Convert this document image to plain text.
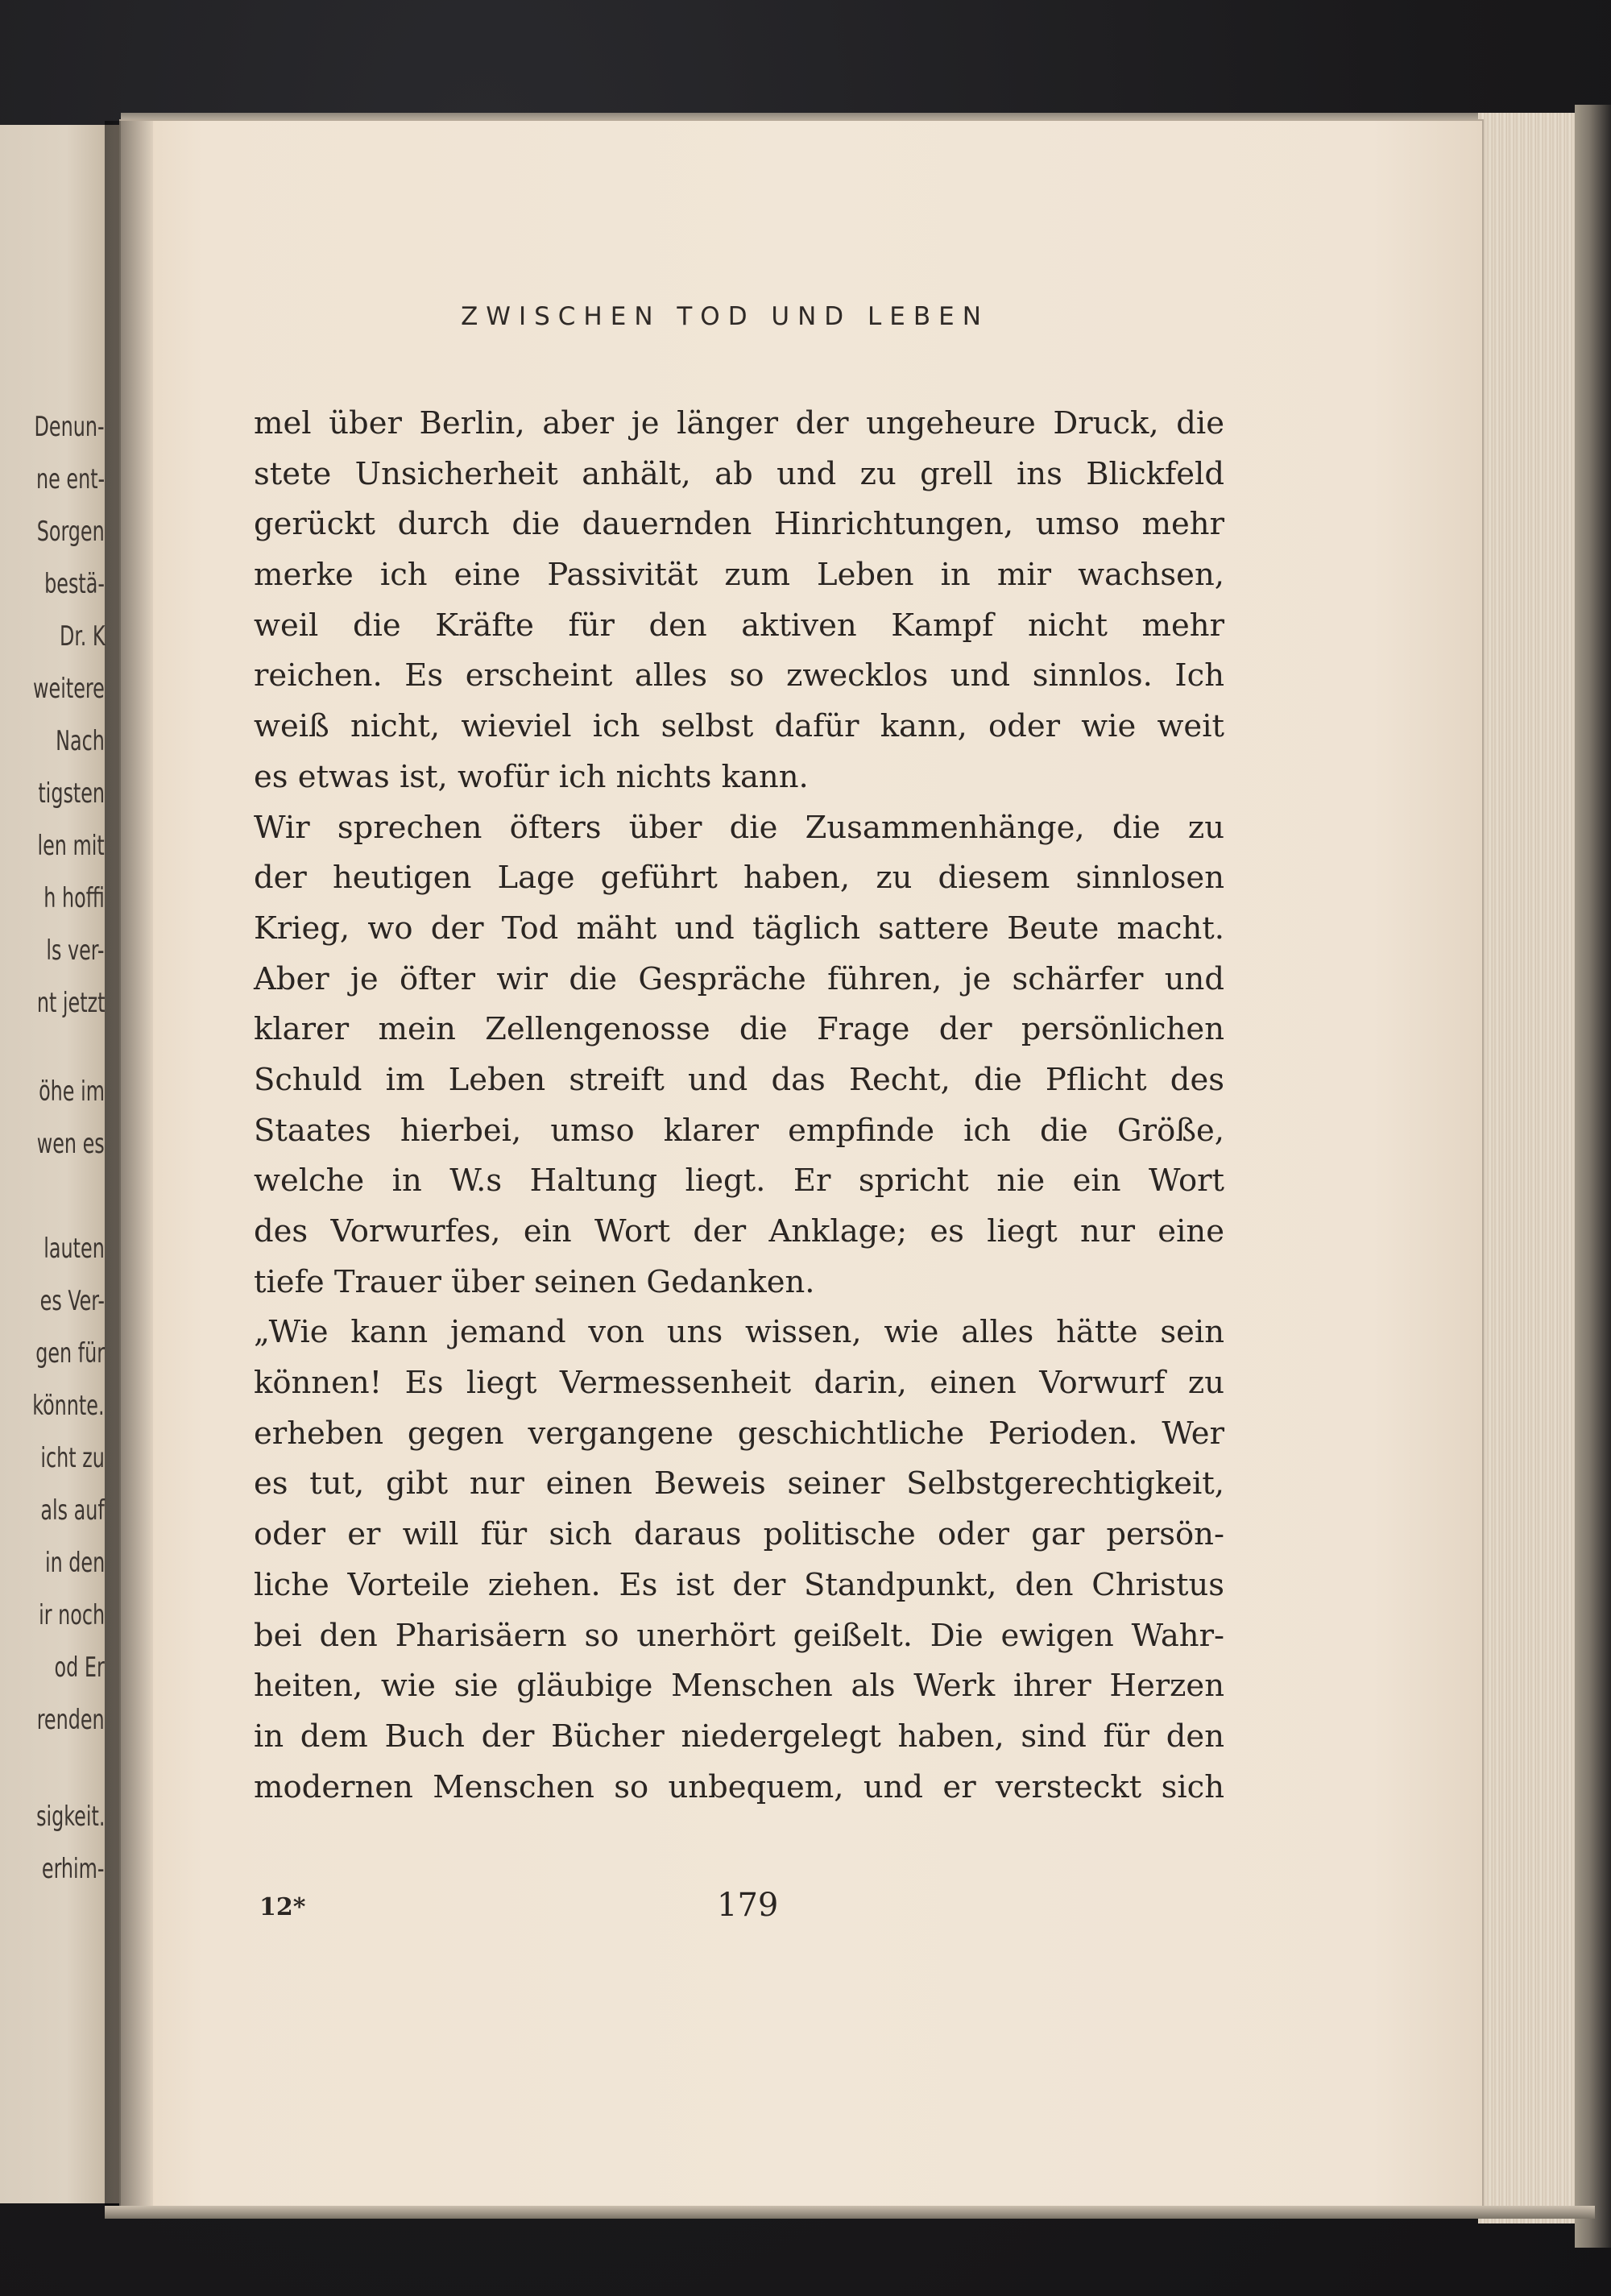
Denun-
ne ent-
Sorgen
bestä-
Dr. K
weitere
Nach
tigsten
len mit
h hoffi
ls ver-
nt jetzt
öhe im
wen es
lauten
es Ver-
gen für
könnte.
icht zu
als auf
in den
ir noch
od Er
renden
sigkeit.
erhim-
ZWISCHEN TOD UND LEBEN
mel über Berlin, aber je länger der ungeheure Druck, die
stete Unsicherheit anhält, ab und zu grell ins Blickfeld
gerückt durch die dauernden Hinrichtungen, umso mehr
merke ich eine Passivität zum Leben in mir wachsen,
weil die Kräfte für den aktiven Kampf nicht mehr
reichen. Es erscheint alles so zwecklos und sinnlos. Ich
weiß nicht, wieviel ich selbst dafür kann, oder wie weit
es etwas ist, wofür ich nichts kann.
Wir sprechen öfters über die Zusammenhänge, die zu
der heutigen Lage geführt haben, zu diesem sinnlosen
Krieg, wo der Tod mäht und täglich sattere Beute macht.
Aber je öfter wir die Gespräche führen, je schärfer und
klarer mein Zellengenosse die Frage der persönlichen
Schuld im Leben streift und das Recht, die Pflicht des
Staates hierbei, umso klarer empfinde ich die Größe,
welche in W.s Haltung liegt. Er spricht nie ein Wort
des Vorwurfes, ein Wort der Anklage; es liegt nur eine
tiefe Trauer über seinen Gedanken.
„Wie kann jemand von uns wissen, wie alles hätte sein
können! Es liegt Vermessenheit darin, einen Vorwurf zu
erheben gegen vergangene geschichtliche Perioden. Wer
es tut, gibt nur einen Beweis seiner Selbstgerechtigkeit,
oder er will für sich daraus politische oder gar persön-
liche Vorteile ziehen. Es ist der Standpunkt, den Christus
bei den Pharisäern so unerhört geißelt. Die ewigen Wahr-
heiten, wie sie gläubige Menschen als Werk ihrer Herzen
in dem Buch der Bücher niedergelegt haben, sind für den
modernen Menschen so unbequem, und er versteckt sich
12*	179
